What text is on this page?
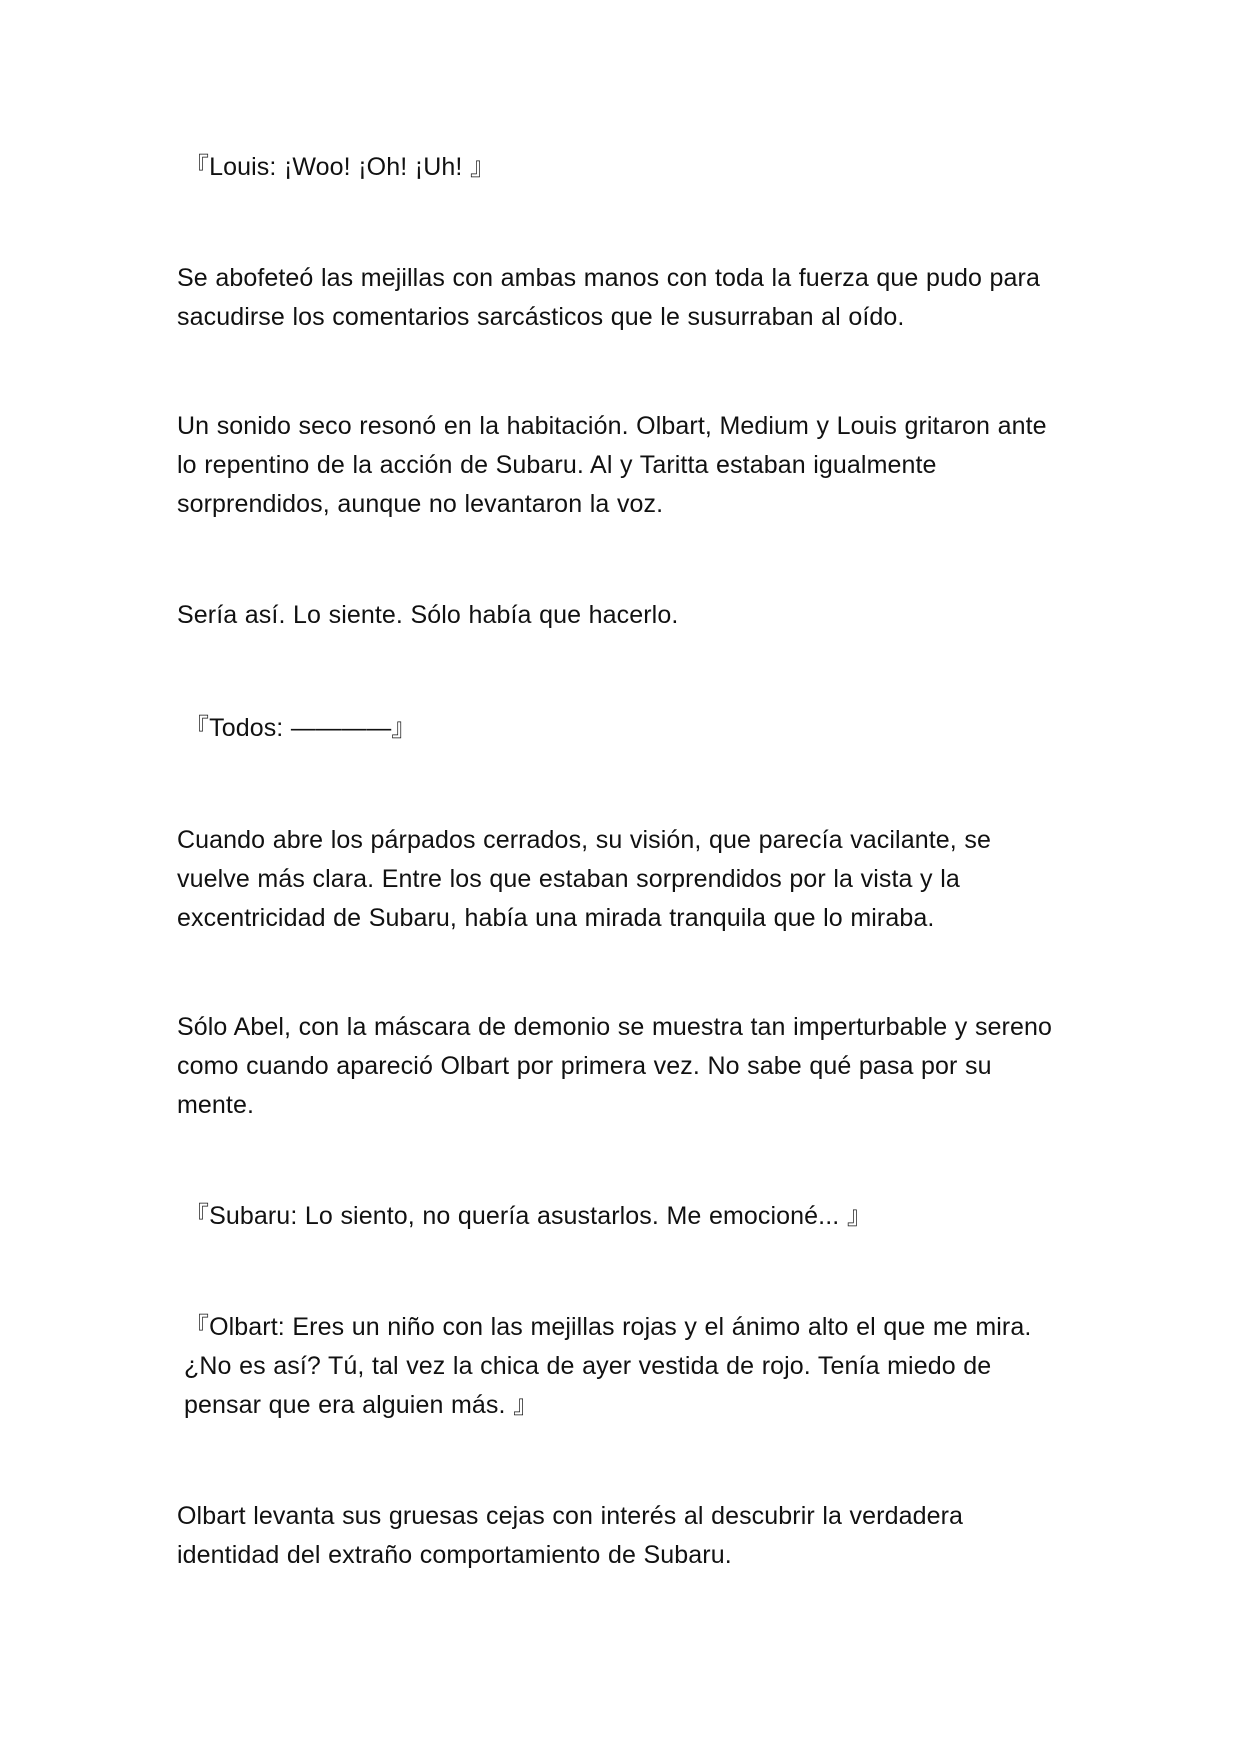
『Louis: ¡Woo! ¡Oh! ¡Uh! 』

Se abofeteó las mejillas con ambas manos con toda la fuerza que pudo para sacudirse los comentarios sarcásticos que le susurraban al oído.

Un sonido seco resonó en la habitación. Olbart, Medium y Louis gritaron ante lo repentino de la acción de Subaru. Al y Taritta estaban igualmente sorprendidos, aunque no levantaron la voz.

Sería así. Lo siente. Sólo había que hacerlo.

『Todos: ————』

Cuando abre los párpados cerrados, su visión, que parecía vacilante, se vuelve más clara. Entre los que estaban sorprendidos por la vista y la excentricidad de Subaru, había una mirada tranquila que lo miraba.

Sólo Abel, con la máscara de demonio se muestra tan imperturbable y sereno como cuando apareció Olbart por primera vez. No sabe qué pasa por su mente.

『Subaru: Lo siento, no quería asustarlos. Me emocioné... 』

『Olbart: Eres un niño con las mejillas rojas y el ánimo alto el que me mira. ¿No es así? Tú, tal vez la chica de ayer vestida de rojo. Tenía miedo de pensar que era alguien más. 』

Olbart levanta sus gruesas cejas con interés al descubrir la verdadera identidad del extraño comportamiento de Subaru.
